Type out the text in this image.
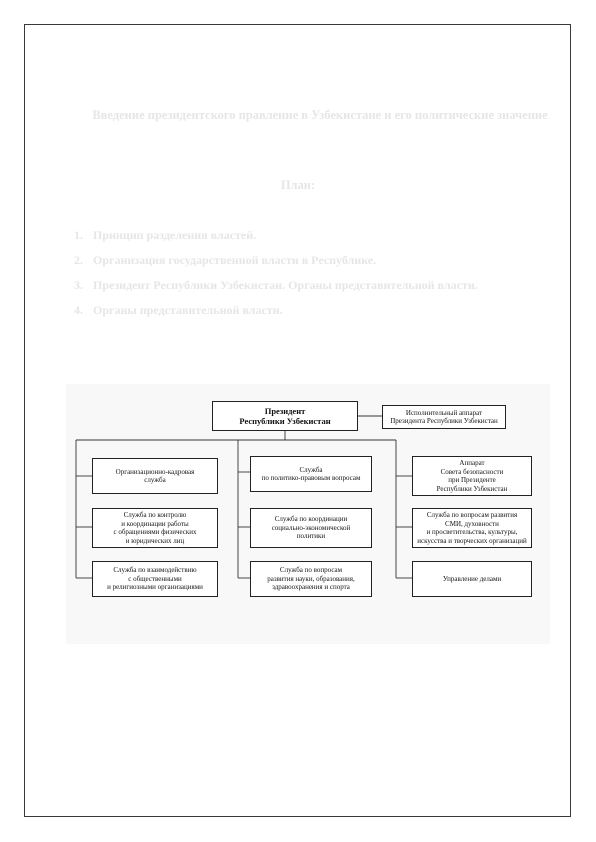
Введение президентского правление в Узбекистане и его политические значение
План:
1. Принцип разделения властей.
2. Организация государственной власти в Республике.
3. Президент Республики Узбекистан. Органы представительной власти.
4. Органы представительной власти.
Президент
Республики Узбекистан
Исполнительный аппарат
Президента Республики Узбекистан
Организационно-кадровая
служба
Служба по контролю
и координации работы
с обращениями физических
и юридических лиц
Служба по взаимодействию
с общественными
и религиозными организациями
Служба
по политико-правовым вопросам
Служба по координации
социально-экономической
политики
Служба по вопросам
развития науки, образования,
здравоохранения и спорта
Аппарат
Совета безопасности
при Президенте
Республики Узбекистан
Служба по вопросам развития
СМИ, духовности
и просветительства, культуры,
искусства и творческих организаций
Управление делами
